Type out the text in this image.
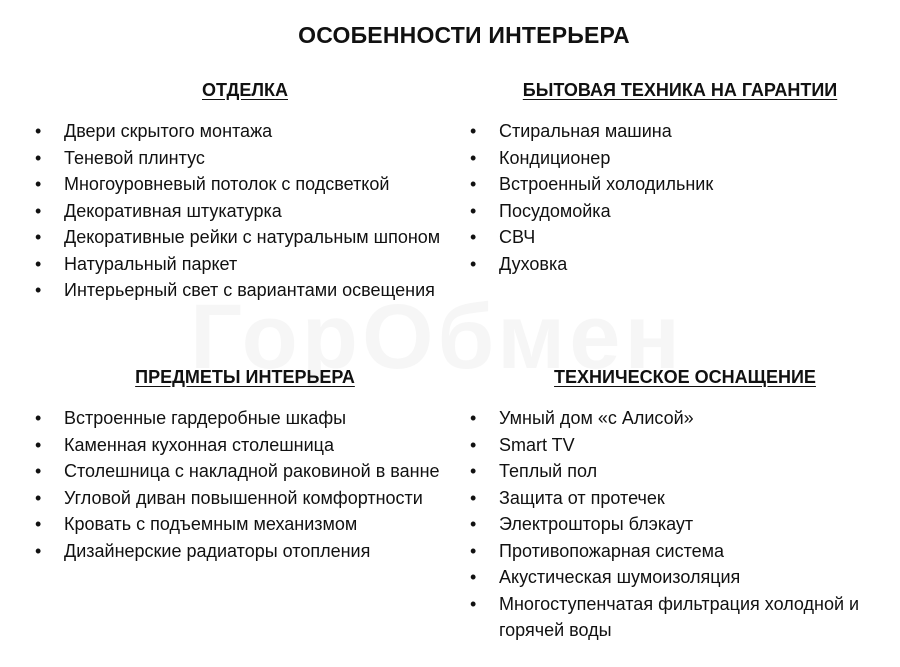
ОСОБЕННОСТИ ИНТЕРЬЕРА
ОТДЕЛКА
• Двери скрытого монтажа
• Теневой плинтус
• Многоуровневый потолок с подсветкой
• Декоративная штукатурка
• Декоративные рейки с натуральным шпоном
• Натуральный паркет
• Интерьерный свет с вариантами освещения
БЫТОВАЯ ТЕХНИКА НА ГАРАНТИИ
• Стиральная машина
• Кондиционер
• Встроенный холодильник
• Посудомойка
• СВЧ
• Духовка
ПРЕДМЕТЫ ИНТЕРЬЕРА
• Встроенные гардеробные шкафы
• Каменная кухонная столешница
• Столешница с накладной раковиной в ванне
• Угловой диван повышенной комфортности
• Кровать с подъемным механизмом
• Дизайнерские радиаторы отопления
ТЕХНИЧЕСКОЕ ОСНАЩЕНИЕ
• Умный дом «с Алисой»
• Smart TV
• Теплый пол
• Защита от протечек
• Электрошторы блэкаут
• Противопожарная система
• Акустическая шумоизоляция
• Многоступенчатая фильтрация холодной и горячей воды
